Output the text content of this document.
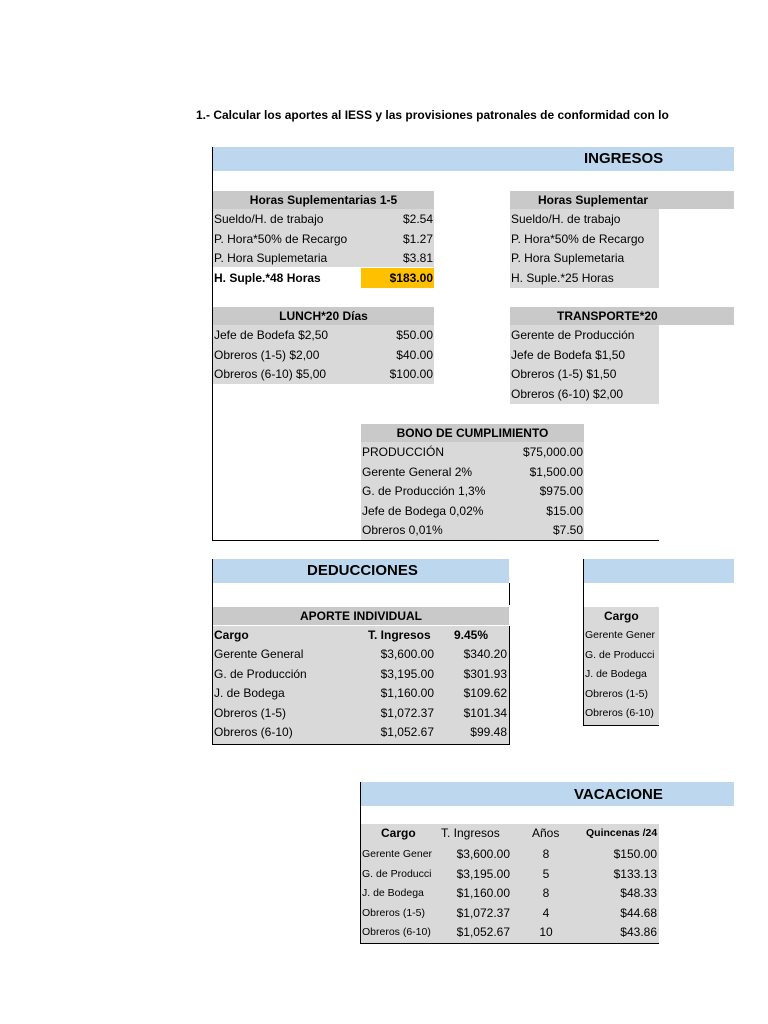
1.- Calcular los aportes al IESS y las provisiones patronales de conformidad con lo
INGRESOS
Horas Suplementarias 1-5
Sueldo/H. de trabajo	$2.54
P. Hora*50% de Recargo	$1.27
P. Hora Suplemetaria	$3.81
H. Suple.*48 Horas	$183.00
Horas Suplementar
Sueldo/H. de trabajo
P. Hora*50% de Recargo
P. Hora Suplemetaria
H. Suple.*25 Horas
LUNCH*20 Días
Jefe de Bodefa $2,50	$50.00
Obreros (1-5) $2,00	$40.00
Obreros (6-10) $5,00	$100.00
TRANSPORTE*20
Gerente de Producción
Jefe de Bodefa $1,50
Obreros (1-5) $1,50
Obreros (6-10) $2,00
BONO DE CUMPLIMIENTO
PRODUCCIÓN	$75,000.00
Gerente General 2%	$1,500.00
G. de Producción 1,3%	$975.00
Jefe de Bodega 0,02%	$15.00
Obreros 0,01%	$7.50
DEDUCCIONES
APORTE INDIVIDUAL
Cargo	T. Ingresos 9.45%
Gerente General	$3,600.00 $340.20
G. de Producción	$3,195.00 $301.93
J. de Bodega	$1,160.00 $109.62
Obreros (1-5)	$1,072.37 $101.34
Obreros (6-10)	$1,052.67	$99.48
Cargo
Gerente Gener
G. de Producci
J. de Bodega
Obreros (1-5)
Obreros (6-10)
VACACIONE
Cargo T. Ingresos	Años	Quincenas /24
Gerente Gener	$3,600.00	8	$150.00
G. de Producci	$3,195.00	5	$133.13
J. de Bodega	$1,160.00	8	$48.33
Obreros (1-5)	$1,072.37	4	$44.68
Obreros (6-10)	$1,052.67	10	$43.86
